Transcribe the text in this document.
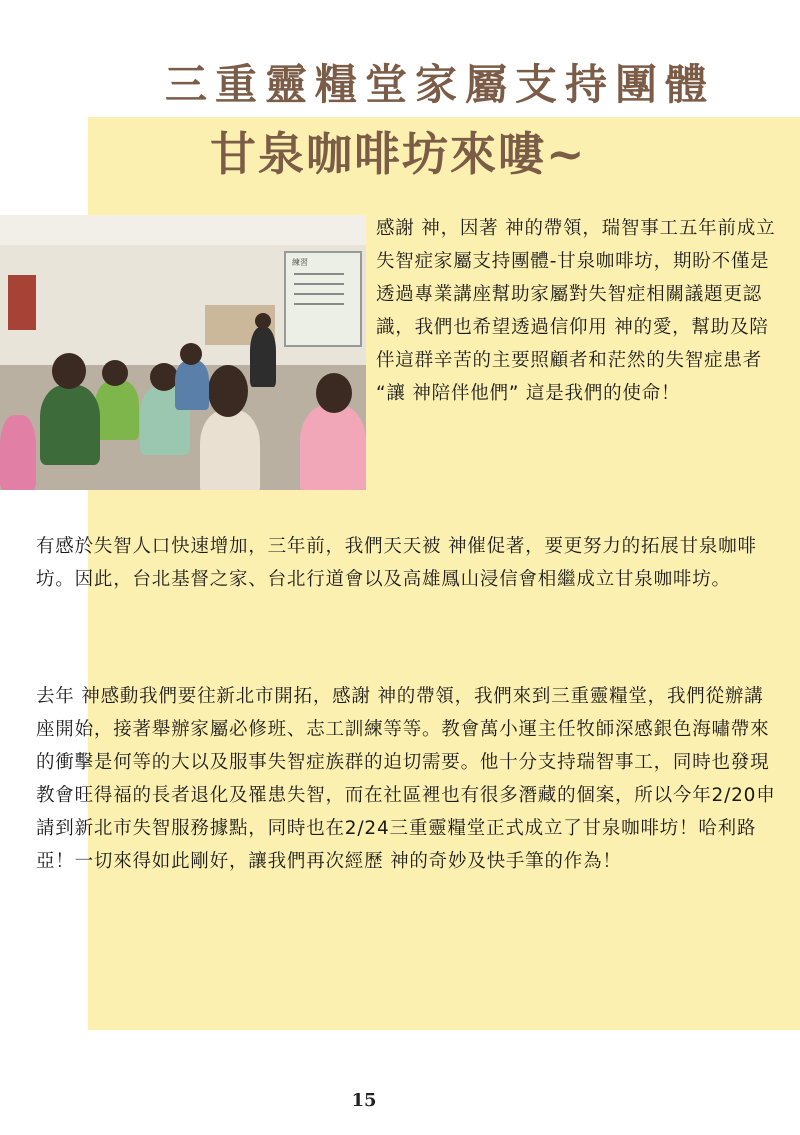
三重靈糧堂家屬支持團體
甘泉咖啡坊來嘍~
練習

感謝 神，因著 神的帶領，瑞智事工五年前成立失智症家屬支持團體-甘泉咖啡坊，期盼不僅是透過專業講座幫助家屬對失智症相關議題更認識，我們也希望透過信仰用 神的愛，幫助及陪伴這群辛苦的主要照顧者和茫然的失智症患者 “讓 神陪伴他們” 這是我們的使命！

有感於失智人口快速增加，三年前，我們天天被 神催促著，要更努力的拓展甘泉咖啡坊。因此，台北基督之家、台北行道會以及高雄鳳山浸信會相繼成立甘泉咖啡坊。

去年 神感動我們要往新北市開拓，感謝 神的帶領，我們來到三重靈糧堂，我們從辦講座開始，接著舉辦家屬必修班、志工訓練等等。教會萬小運主任牧師深感銀色海嘯帶來的衝擊是何等的大以及服事失智症族群的迫切需要。他十分支持瑞智事工，同時也發現教會旺得福的長者退化及罹患失智，而在社區裡也有很多潛藏的個案，所以今年2/20申請到新北市失智服務據點，同時也在2/24三重靈糧堂正式成立了甘泉咖啡坊！哈利路亞！一切來得如此剛好，讓我們再次經歷 神的奇妙及快手筆的作為！

15
